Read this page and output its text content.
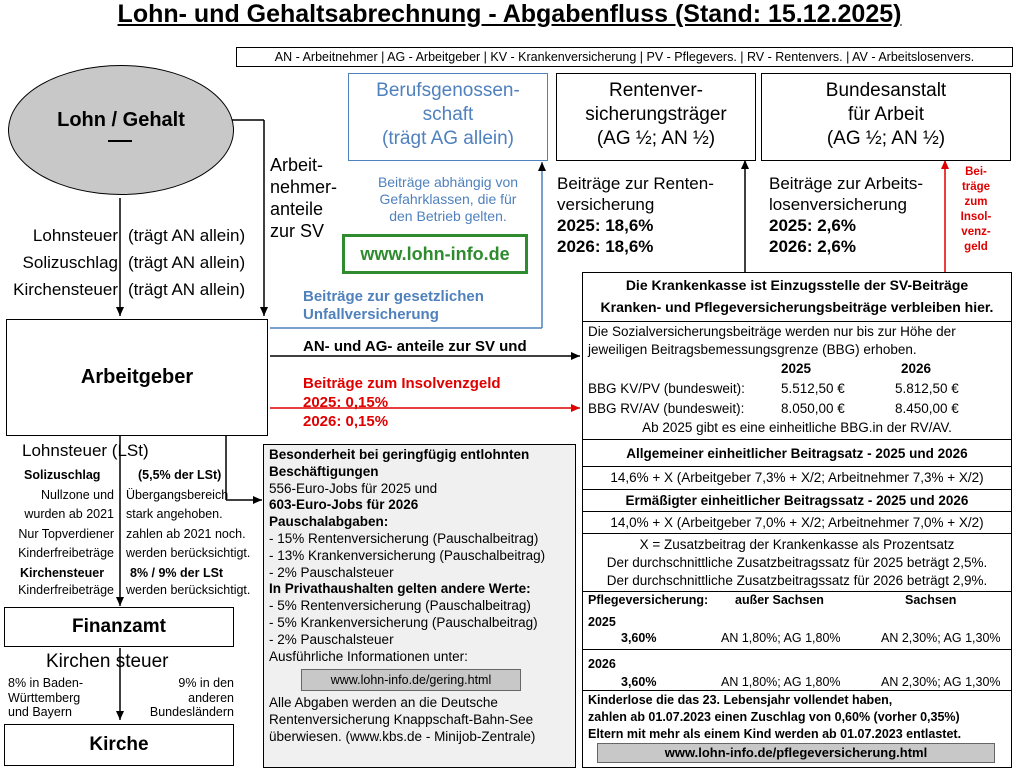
Lohn- und Gehaltsabrechnung - Abgabenfluss (Stand: 15.12.2025)
AN - Arbeitnehmer | AG - Arbeitgeber | KV - Krankenversicherung | PV - Pflegevers. | RV - Rentenvers. | AV - Arbeitslosenvers.
Lohn / Gehalt
Arbeit-
nehmer-
anteile
zur SV
Lohnsteuer (trägt AN allein)
Solizuschlag (trägt AN allein)
Kirchensteuer (trägt AN allein)
Arbeitgeber
Berufsgenossen-
schaft
(trägt AG allein)
Beiträge abhängig von
Gefahrklassen, die für
den Betrieb gelten.
www.lohn-info.de
Beiträge zur gesetzlichen
Unfallversicherung
Rentenver-
sicherungsträger
(AG ½; AN ½)
Beiträge zur Renten-
versicherung
2025: 18,6%
2026: 18,6%
Bundesanstalt
für Arbeit
(AG ½; AN ½)
Beiträge zur Arbeits-
losenversicherung
2025: 2,6%
2026: 2,6%
Bei-
träge
zum
Insol-
venz-
geld
AN- und AG- anteile zur SV und
Beiträge zum Insolvenzgeld
2025: 0,15%
2026: 0,15%
Die Krankenkasse ist Einzugsstelle der SV-Beiträge
Kranken- und Pflegeversicherungsbeiträge verbleiben hier.
Die Sozialversicherungsbeiträge werden nur bis zur Höhe der
jeweiligen Beitragsbemessungsgrenze (BBG) erhoben.
2025	2026
BBG KV/PV (bundesweit):	5.512,50 €	5.812,50 €
BBG RV/AV (bundesweit):	8.050,00 €	8.450,00 €
Ab 2025 gibt es eine einheitliche BBG.in der RV/AV.
Allgemeiner einheitlicher Beitragsatz - 2025 und 2026
14,6% + X (Arbeitgeber 7,3% + X/2; Arbeitnehmer 7,3% + X/2)
Ermäßigter einheitlicher Beitragssatz - 2025 und 2026
14,0% + X (Arbeitgeber 7,0% + X/2; Arbeitnehmer 7,0% + X/2)
X = Zusatzbeitrag der Krankenkasse als Prozentsatz
Der durchschnittliche Zusatzbeitragssatz für 2025 beträgt 2,5%.
Der durchschnittliche Zusatzbeitragssatz für 2026 beträgt 2,9%.
Pflegeversicherung: außer Sachsen	Sachsen
2025
3,60%	AN 1,80%; AG 1,80%	AN 2,30%; AG 1,30%
2026
3,60%	AN 1,80%; AG 1,80%	AN 2,30%; AG 1,30%
Kinderlose die das 23. Lebensjahr vollendet haben,
zahlen ab 01.07.2023 einen Zuschlag von 0,60% (vorher 0,35%)
Eltern mit mehr als einem Kind werden ab 01.07.2023 entlastet.
www.lohn-info.de/pflegeversicherung.html
Besonderheit bei geringfügig entlohnten
Beschäftigungen
556-Euro-Jobs für 2025 und
603-Euro-Jobs für 2026
Pauschalabgaben:
- 15% Rentenversicherung (Pauschalbeitrag)
- 13% Krankenversicherung (Pauschalbeitrag)
- 2% Pauschalsteuer
In Privathaushalten gelten andere Werte:
- 5% Rentenversicherung (Pauschalbeitrag)
- 5% Krankenversicherung (Pauschalbeitrag)
- 2% Pauschalsteuer
Ausführliche Informationen unter:
www.lohn-info.de/gering.html
Alle Abgaben werden an die Deutsche
Rentenversicherung Knappschaft-Bahn-See
überwiesen. (www.kbs.de - Minijob-Zentrale)
Lohnsteuer (LSt)
Solizuschlag	(5,5% der LSt)
Nullzone und Übergangsbereich
wurden ab 2021 stark angehoben.
Nur Topverdiener zahlen ab 2021 noch.
Kinderfreibeträge werden berücksichtigt.
Kirchensteuer 8% / 9% der LSt
Kinderfreibeträge werden berücksichtigt.
Finanzamt
Kirchen steuer
8% in Baden-
Württemberg
und Bayern
9% in den
anderen
Bundesländern
Kirche
